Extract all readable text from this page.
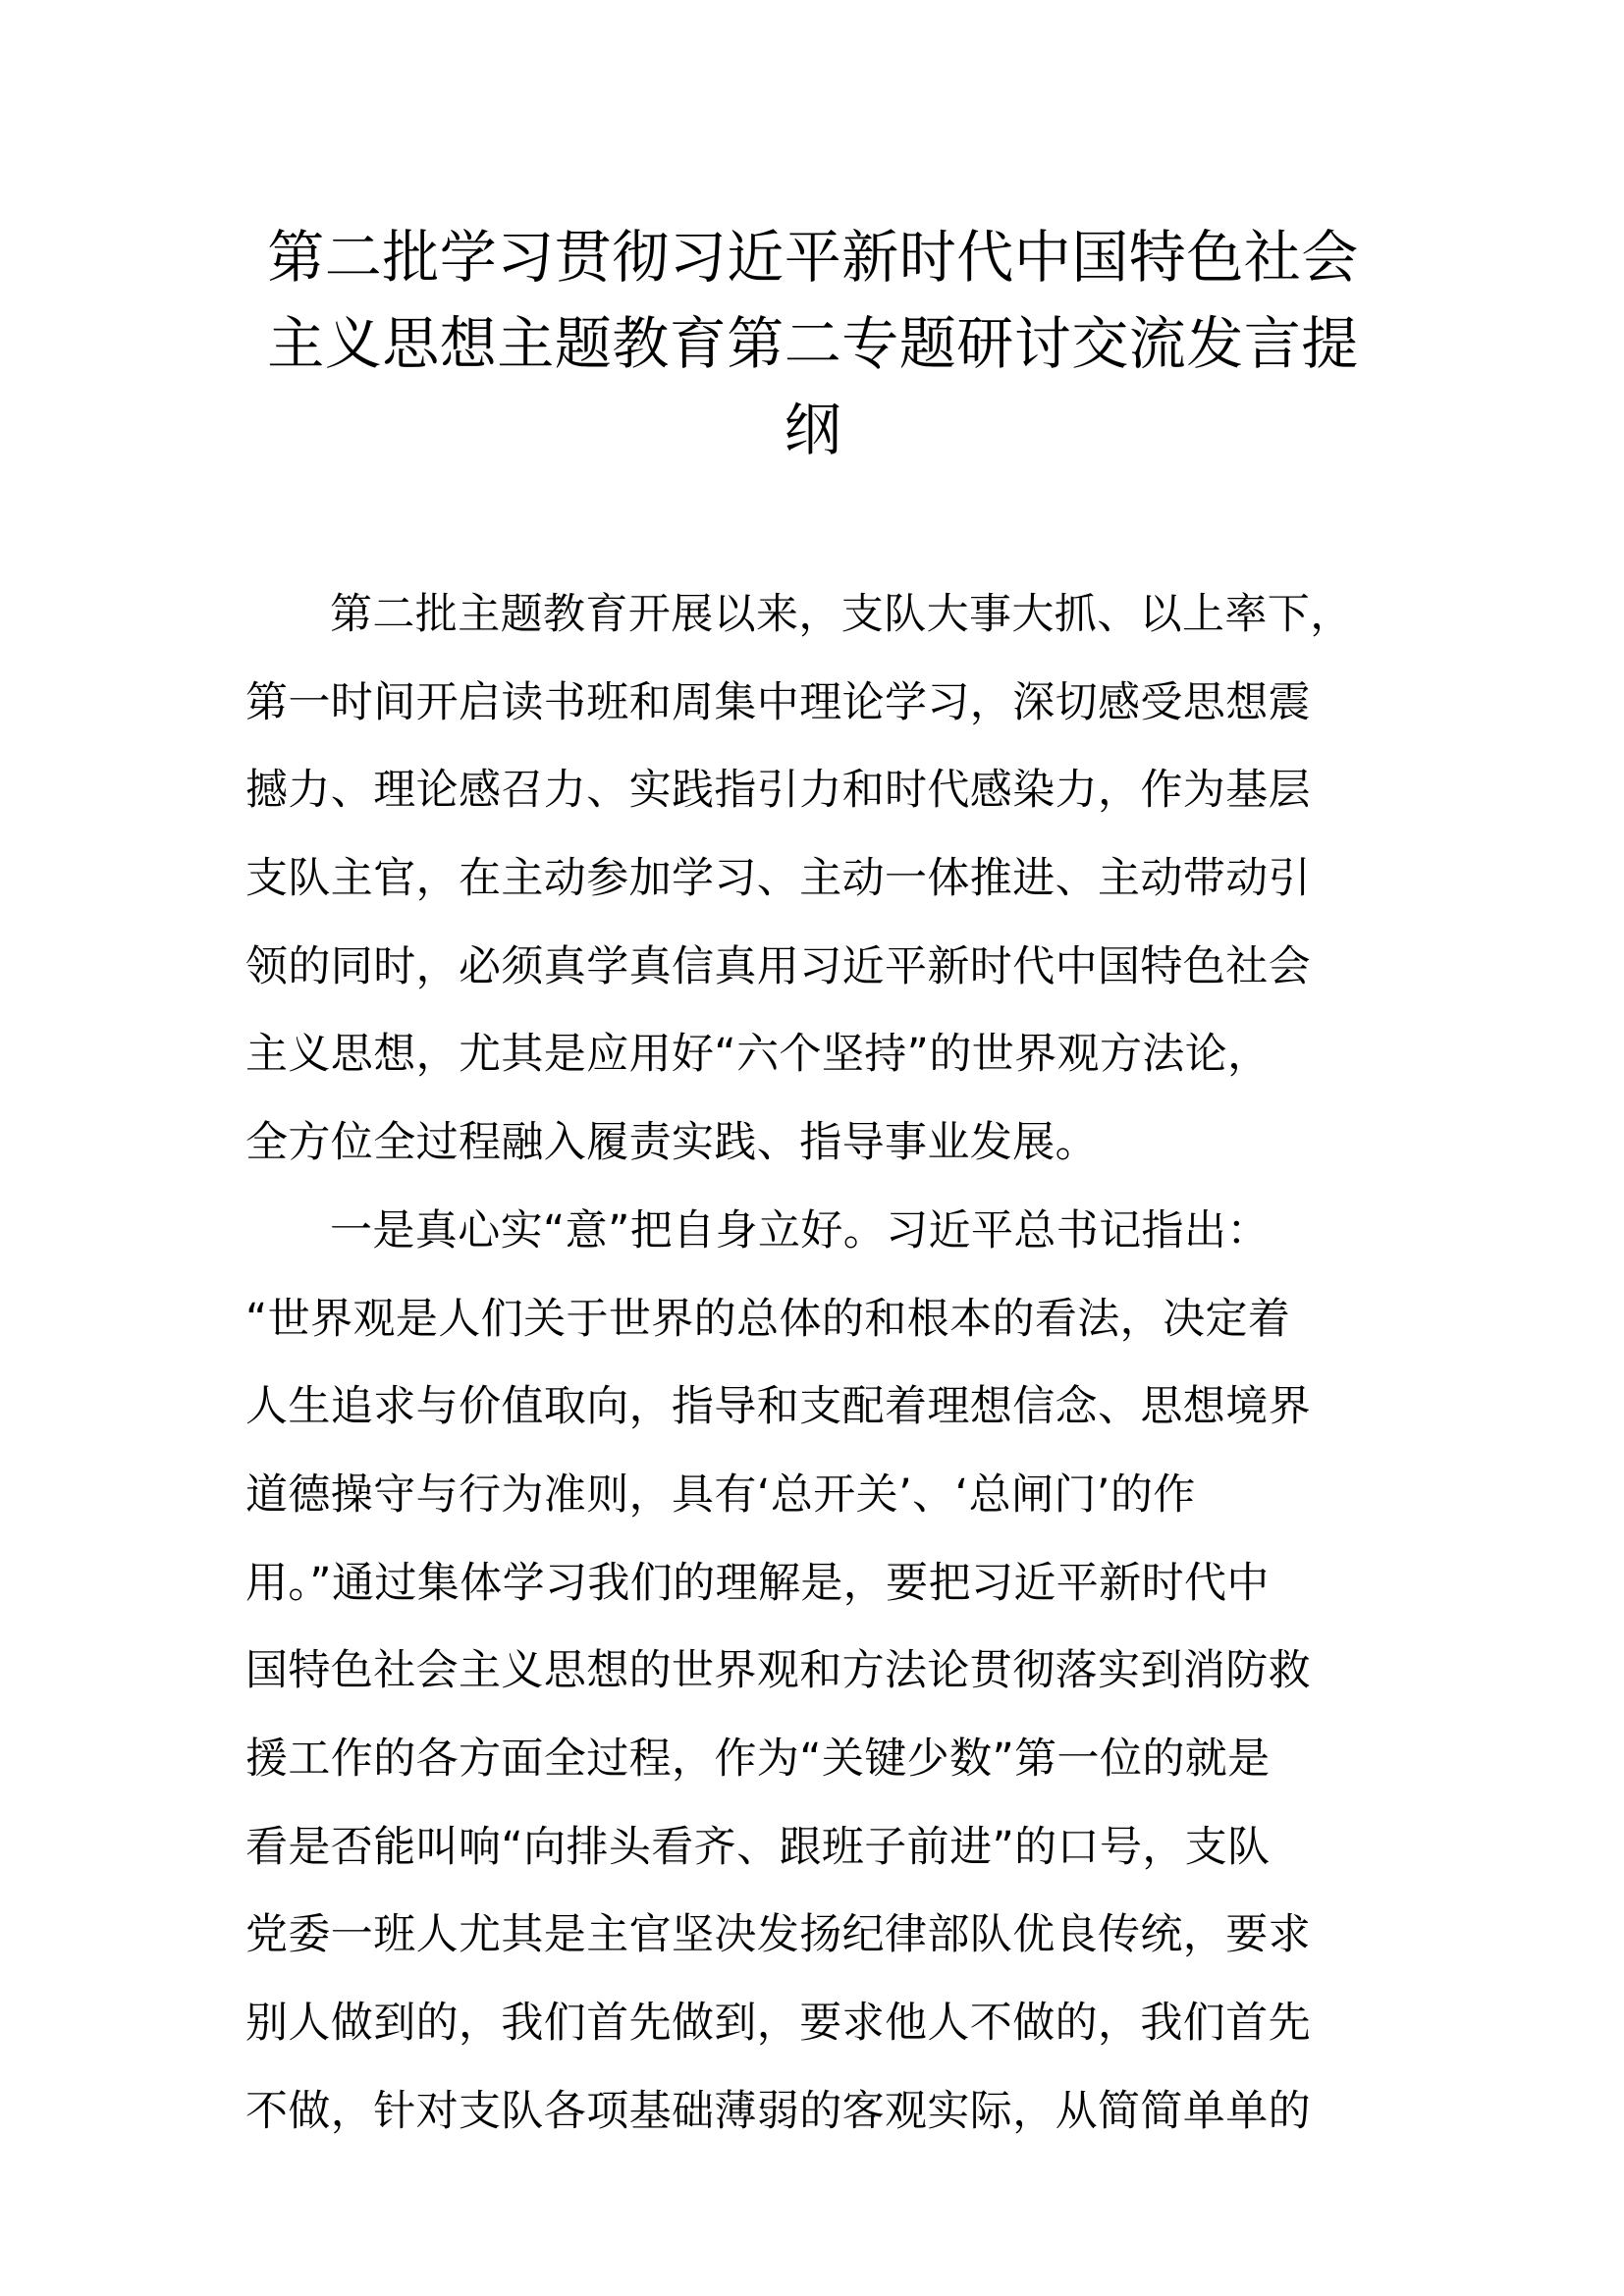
第二批学习贯彻习近平新时代中国特色社会
主义思想主题教育第二专题研讨交流发言提
纲
第二批主题教育开展以来，支队大事大抓、以上率下，
第一时间开启读书班和周集中理论学习，深切感受思想震
撼力、理论感召力、实践指引力和时代感染力，作为基层
支队主官，在主动参加学习、主动一体推进、主动带动引
领的同时，必须真学真信真用习近平新时代中国特色社会
主义思想，尤其是应用好“六个坚持”的世界观方法论，
全方位全过程融入履责实践、指导事业发展。
一是真心实“意”把自身立好。习近平总书记指出：
“世界观是人们关于世界的总体的和根本的看法，决定着
人生追求与价值取向，指导和支配着理想信念、思想境界
道德操守与行为准则，具有‘总开关’、‘总闸门’的作
用。”通过集体学习我们的理解是，要把习近平新时代中
国特色社会主义思想的世界观和方法论贯彻落实到消防救
援工作的各方面全过程，作为“关键少数”第一位的就是
看是否能叫响“向排头看齐、跟班子前进”的口号，支队
党委一班人尤其是主官坚决发扬纪律部队优良传统，要求
别人做到的，我们首先做到，要求他人不做的，我们首先
不做，针对支队各项基础薄弱的客观实际，从简简单单的
